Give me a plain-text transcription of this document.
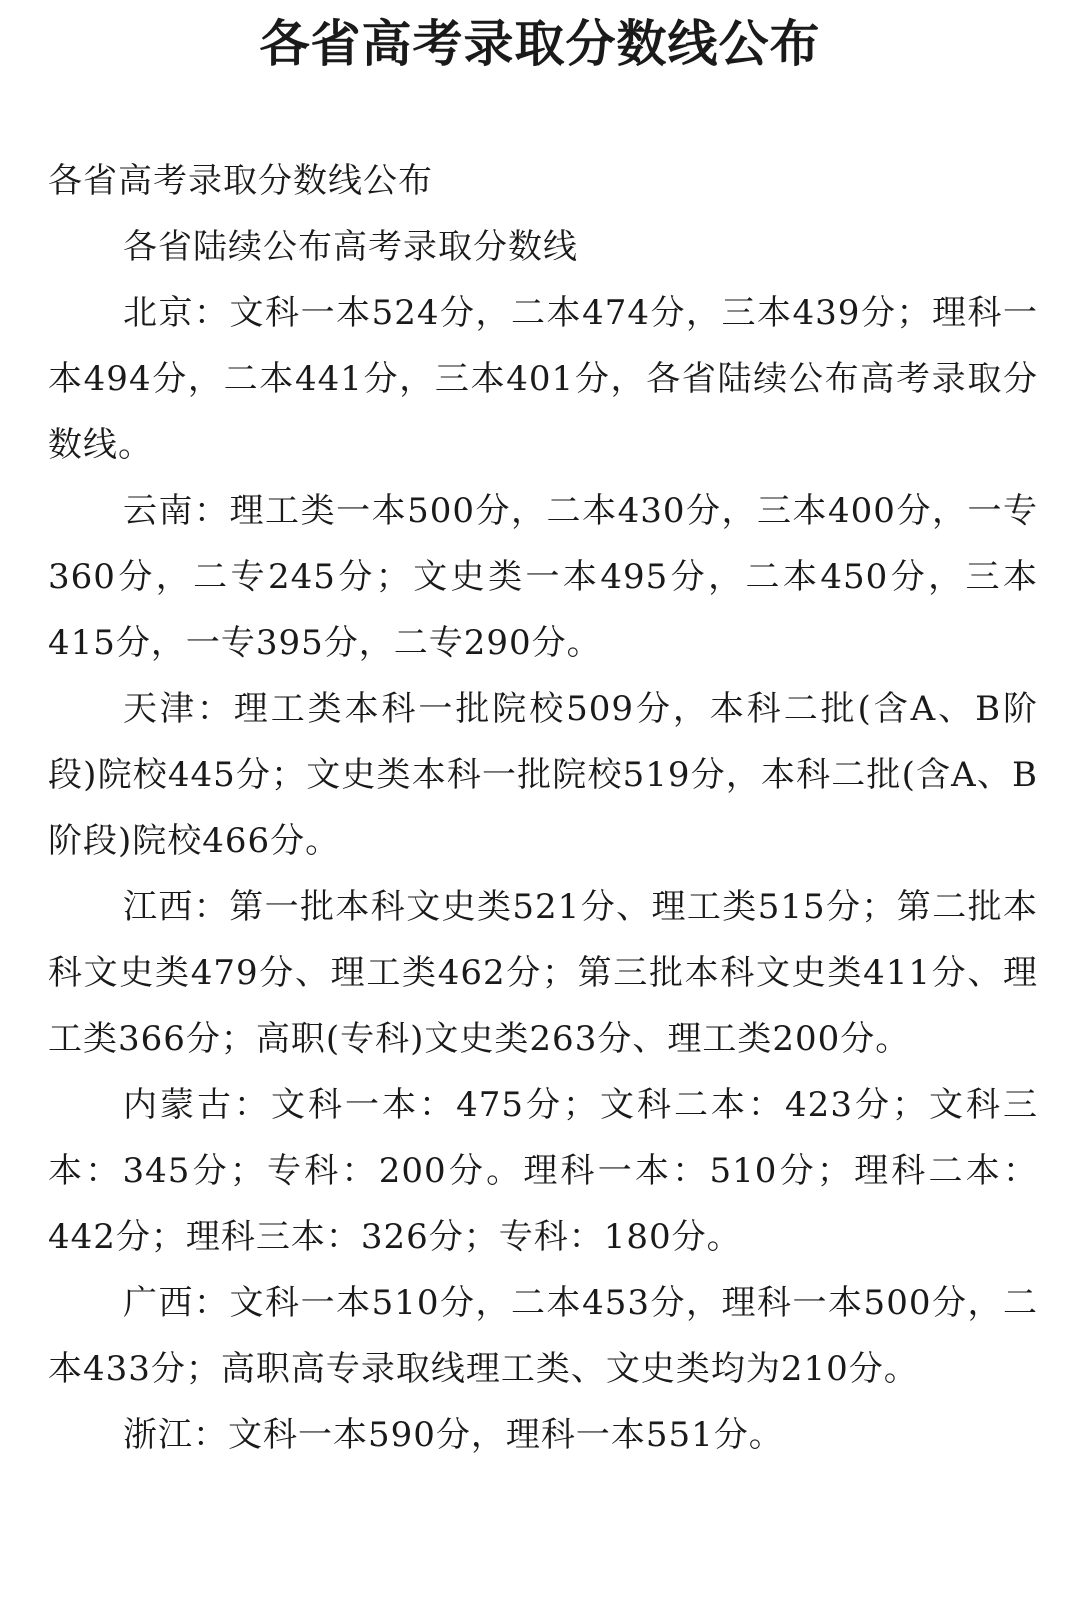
各省高考录取分数线公布

各省高考录取分数线公布

各省陆续公布高考录取分数线

北京：文科一本524分，二本474分，三本439分；理科一本494分，二本441分，三本401分，各省陆续公布高考录取分数线。

云南：理工类一本500分，二本430分，三本400分，一专360分，二专245分；文史类一本495分，二本450分，三本415分，一专395分，二专290分。

天津：理工类本科一批院校509分，本科二批(含A、B阶段)院校445分；文史类本科一批院校519分，本科二批(含A、B阶段)院校466分。

江西：第一批本科文史类521分、理工类515分；第二批本科文史类479分、理工类462分；第三批本科文史类411分、理工类366分；高职(专科)文史类263分、理工类200分。

内蒙古：文科一本：475分；文科二本：423分；文科三本：345分；专科：200分。理科一本：510分；理科二本：442分；理科三本：326分；专科：180分。

广西：文科一本510分，二本453分，理科一本500分，二本433分；高职高专录取线理工类、文史类均为210分。

浙江：文科一本590分，理科一本551分。
